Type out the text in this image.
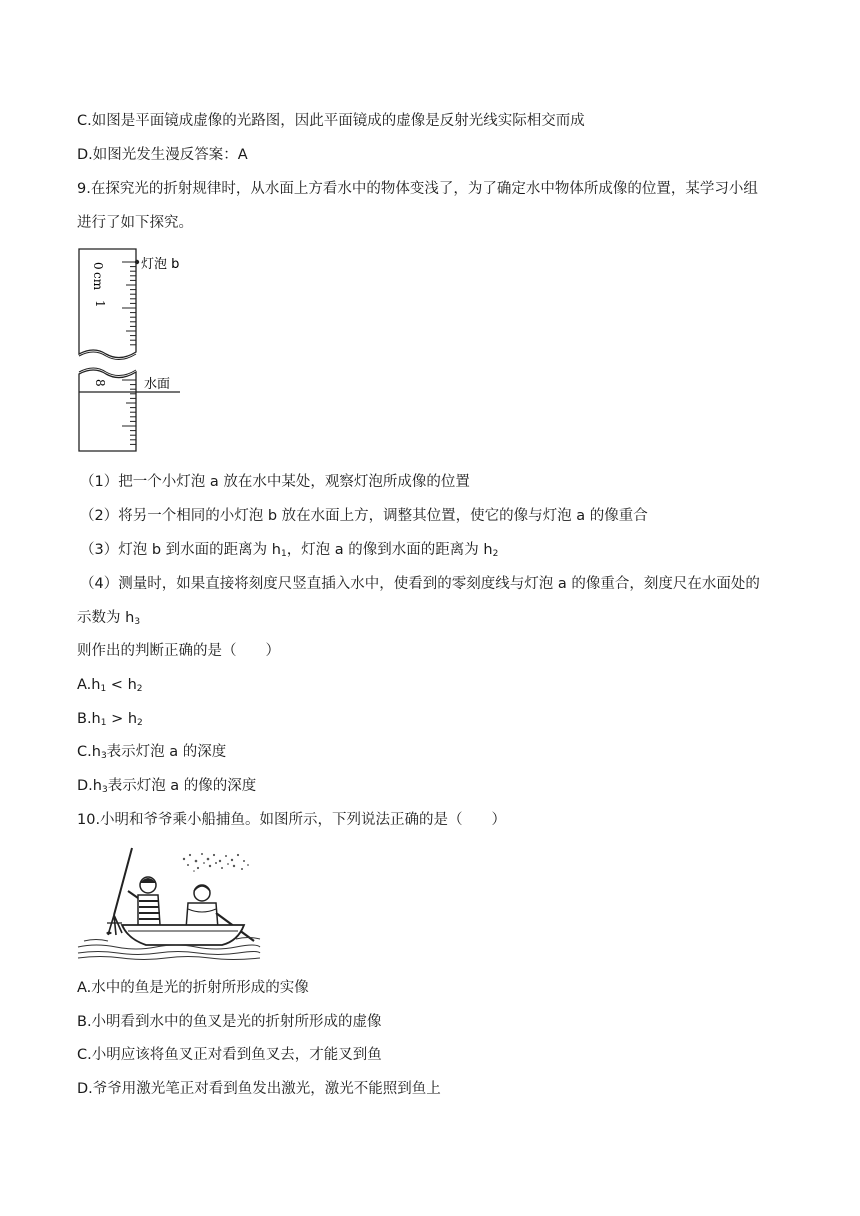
C.如图是平面镜成虚像的光路图，因此平面镜成的虚像是反射光线实际相交而成
D.如图光发生漫反答案：A
9.在探究光的折射规律时，从水面上方看水中的物体变浅了，为了确定水中物体所成像的位置，某学习小组
进行了如下探究。
0
cm
1
8
灯泡 b
水面
（1）把一个小灯泡 a 放在水中某处，观察灯泡所成像的位置
（2）将另一个相同的小灯泡 b 放在水面上方，调整其位置，使它的像与灯泡 a 的像重合
（3）灯泡 b 到水面的距离为 $h_1$，灯泡 a 的像到水面的距离为 $h_2$
（4）测量时，如果直接将刻度尺竖直插入水中，使看到的零刻度线与灯泡 a 的像重合，刻度尺在水面处的
示数为 $h_3$
则作出的判断正确的是（　　）
$A.h_1 < h_2$
$B.h_1 > h_2$
$C.h_3$表示灯泡 a 的深度
$D.h_3$表示灯泡 a 的像的深度
10.小明和爷爷乘小船捕鱼。如图所示，下列说法正确的是（　　）
A.水中的鱼是光的折射所形成的实像
B.小明看到水中的鱼叉是光的折射所形成的虚像
C.小明应该将鱼叉正对看到鱼叉去，才能叉到鱼
D.爷爷用激光笔正对看到鱼发出激光，激光不能照到鱼上
